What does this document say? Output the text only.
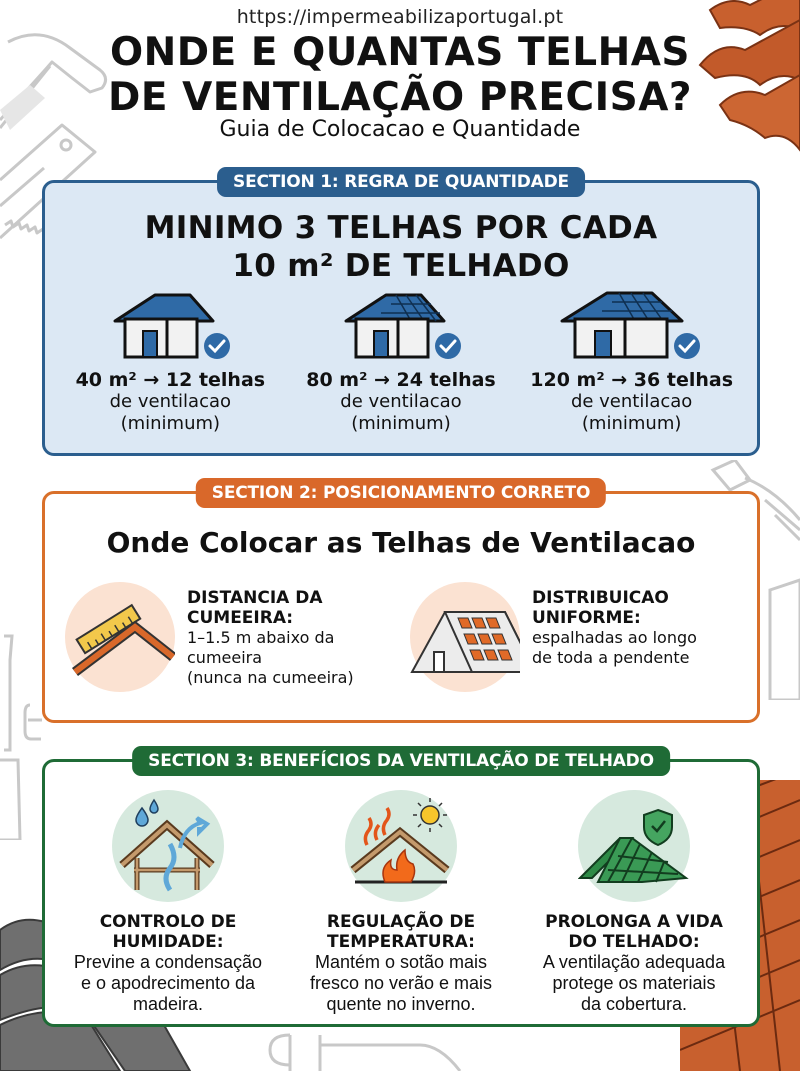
https://impermeabilizaportugal.pt
ONDE E QUANTAS TELHAS
DE VENTILAÇÃO PRECISA?
Guia de Colocacao e Quantidade
SECTION 1: REGRA DE QUANTIDADE
MINIMO 3 TELHAS POR CADA
10 m² DE TELHADO
40 m² → 12 telhas
de ventilacao
(minimum)
80 m² → 24 telhas
de ventilacao
(minimum)
120 m² → 36 telhas
de ventilacao
(minimum)
SECTION 2: POSICIONAMENTO CORRETO
Onde Colocar as Telhas de Ventilacao
DISTANCIA DA
CUMEEIRA:
1–1.5 m abaixo da
cumeeira
(nunca na cumeeira)
DISTRIBUICAO
UNIFORME:
espalhadas ao longo
de toda a pendente
SECTION 3: BENEFÍCIOS DA VENTILAÇÃO DE TELHADO
CONTROLO DE
HUMIDADE:
Previne a condensação
e o apodrecimento da
madeira.
REGULAÇÃO DE
TEMPERATURA:
Mantém o sotão mais
fresco no verão e mais
quente no inverno.
PROLONGA A VIDA
DO TELHADO:
A ventilação adequada
protege os materiais
da cobertura.
